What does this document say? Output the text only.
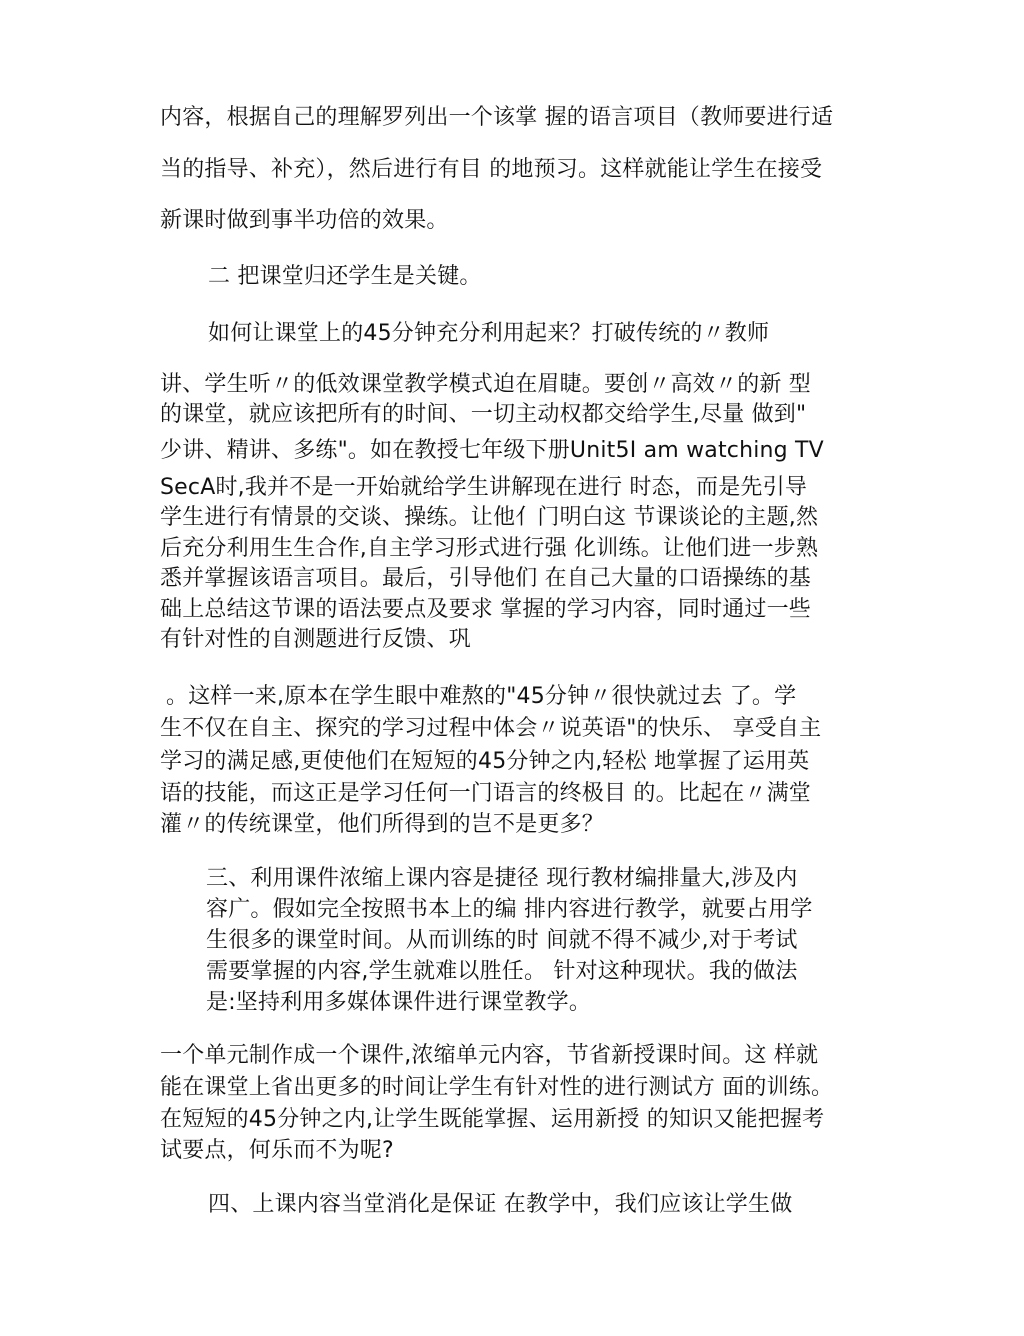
内容，根据自己的理解罗列出一个该掌 握的语言项目（教师要进行适
当的指导、补充），然后进行有目 的地预习。这样就能让学生在接受
新课时做到事半功倍的效果。
二 把课堂归还学生是关键。
如何让课堂上的45分钟充分利用起来？打破传统的〃教师
讲、学生听〃的低效课堂教学模式迫在眉睫。要创〃高效〃的新 型
的课堂，就应该把所有的时间、一切主动权都交给学生,尽量 做到"
少讲、精讲、多练"。如在教授七年级下册Unit5I am watching TV
SecA时,我并不是一开始就给学生讲解现在进行 时态，而是先引导
学生进行有情景的交谈、操练。让他亻门明白这 节课谈论的主题,然
后充分利用生生合作,自主学习形式进行强 化训练。让他们进一步熟
悉并掌握该语言项目。最后，引导他们 在自己大量的口语操练的基
础上总结这节课的语法要点及要求 掌握的学习内容，同时通过一些
有针对性的自测题进行反馈、巩
。这样一来,原本在学生眼中难熬的"45分钟〃很快就过去 了。学
生不仅在自主、探究的学习过程中体会〃说英语"的快乐、 享受自主
学习的满足感,更使他们在短短的45分钟之内,轻松 地掌握了运用英
语的技能，而这正是学习任何一门语言的终极目 的。比起在〃满堂
灌〃的传统课堂，他们所得到的岂不是更多？
三、利用课件浓缩上课内容是捷径 现行教材编排量大,涉及内
容广。假如完全按照书本上的编 排内容进行教学，就要占用学
生很多的课堂时间。从而训练的时 间就不得不减少,对于考试
需要掌握的内容,学生就难以胜任。 针对这种现状。我的做法
是:坚持利用多媒体课件进行课堂教学。
一个单元制作成一个课件,浓缩单元内容，节省新授课时间。这 样就
能在课堂上省出更多的时间让学生有针对性的进行测试方 面的训练。
在短短的45分钟之内,让学生既能掌握、运用新授 的知识又能把握考
试要点，何乐而不为呢?
四、上课内容当堂消化是保证 在教学中，我们应该让学生做
